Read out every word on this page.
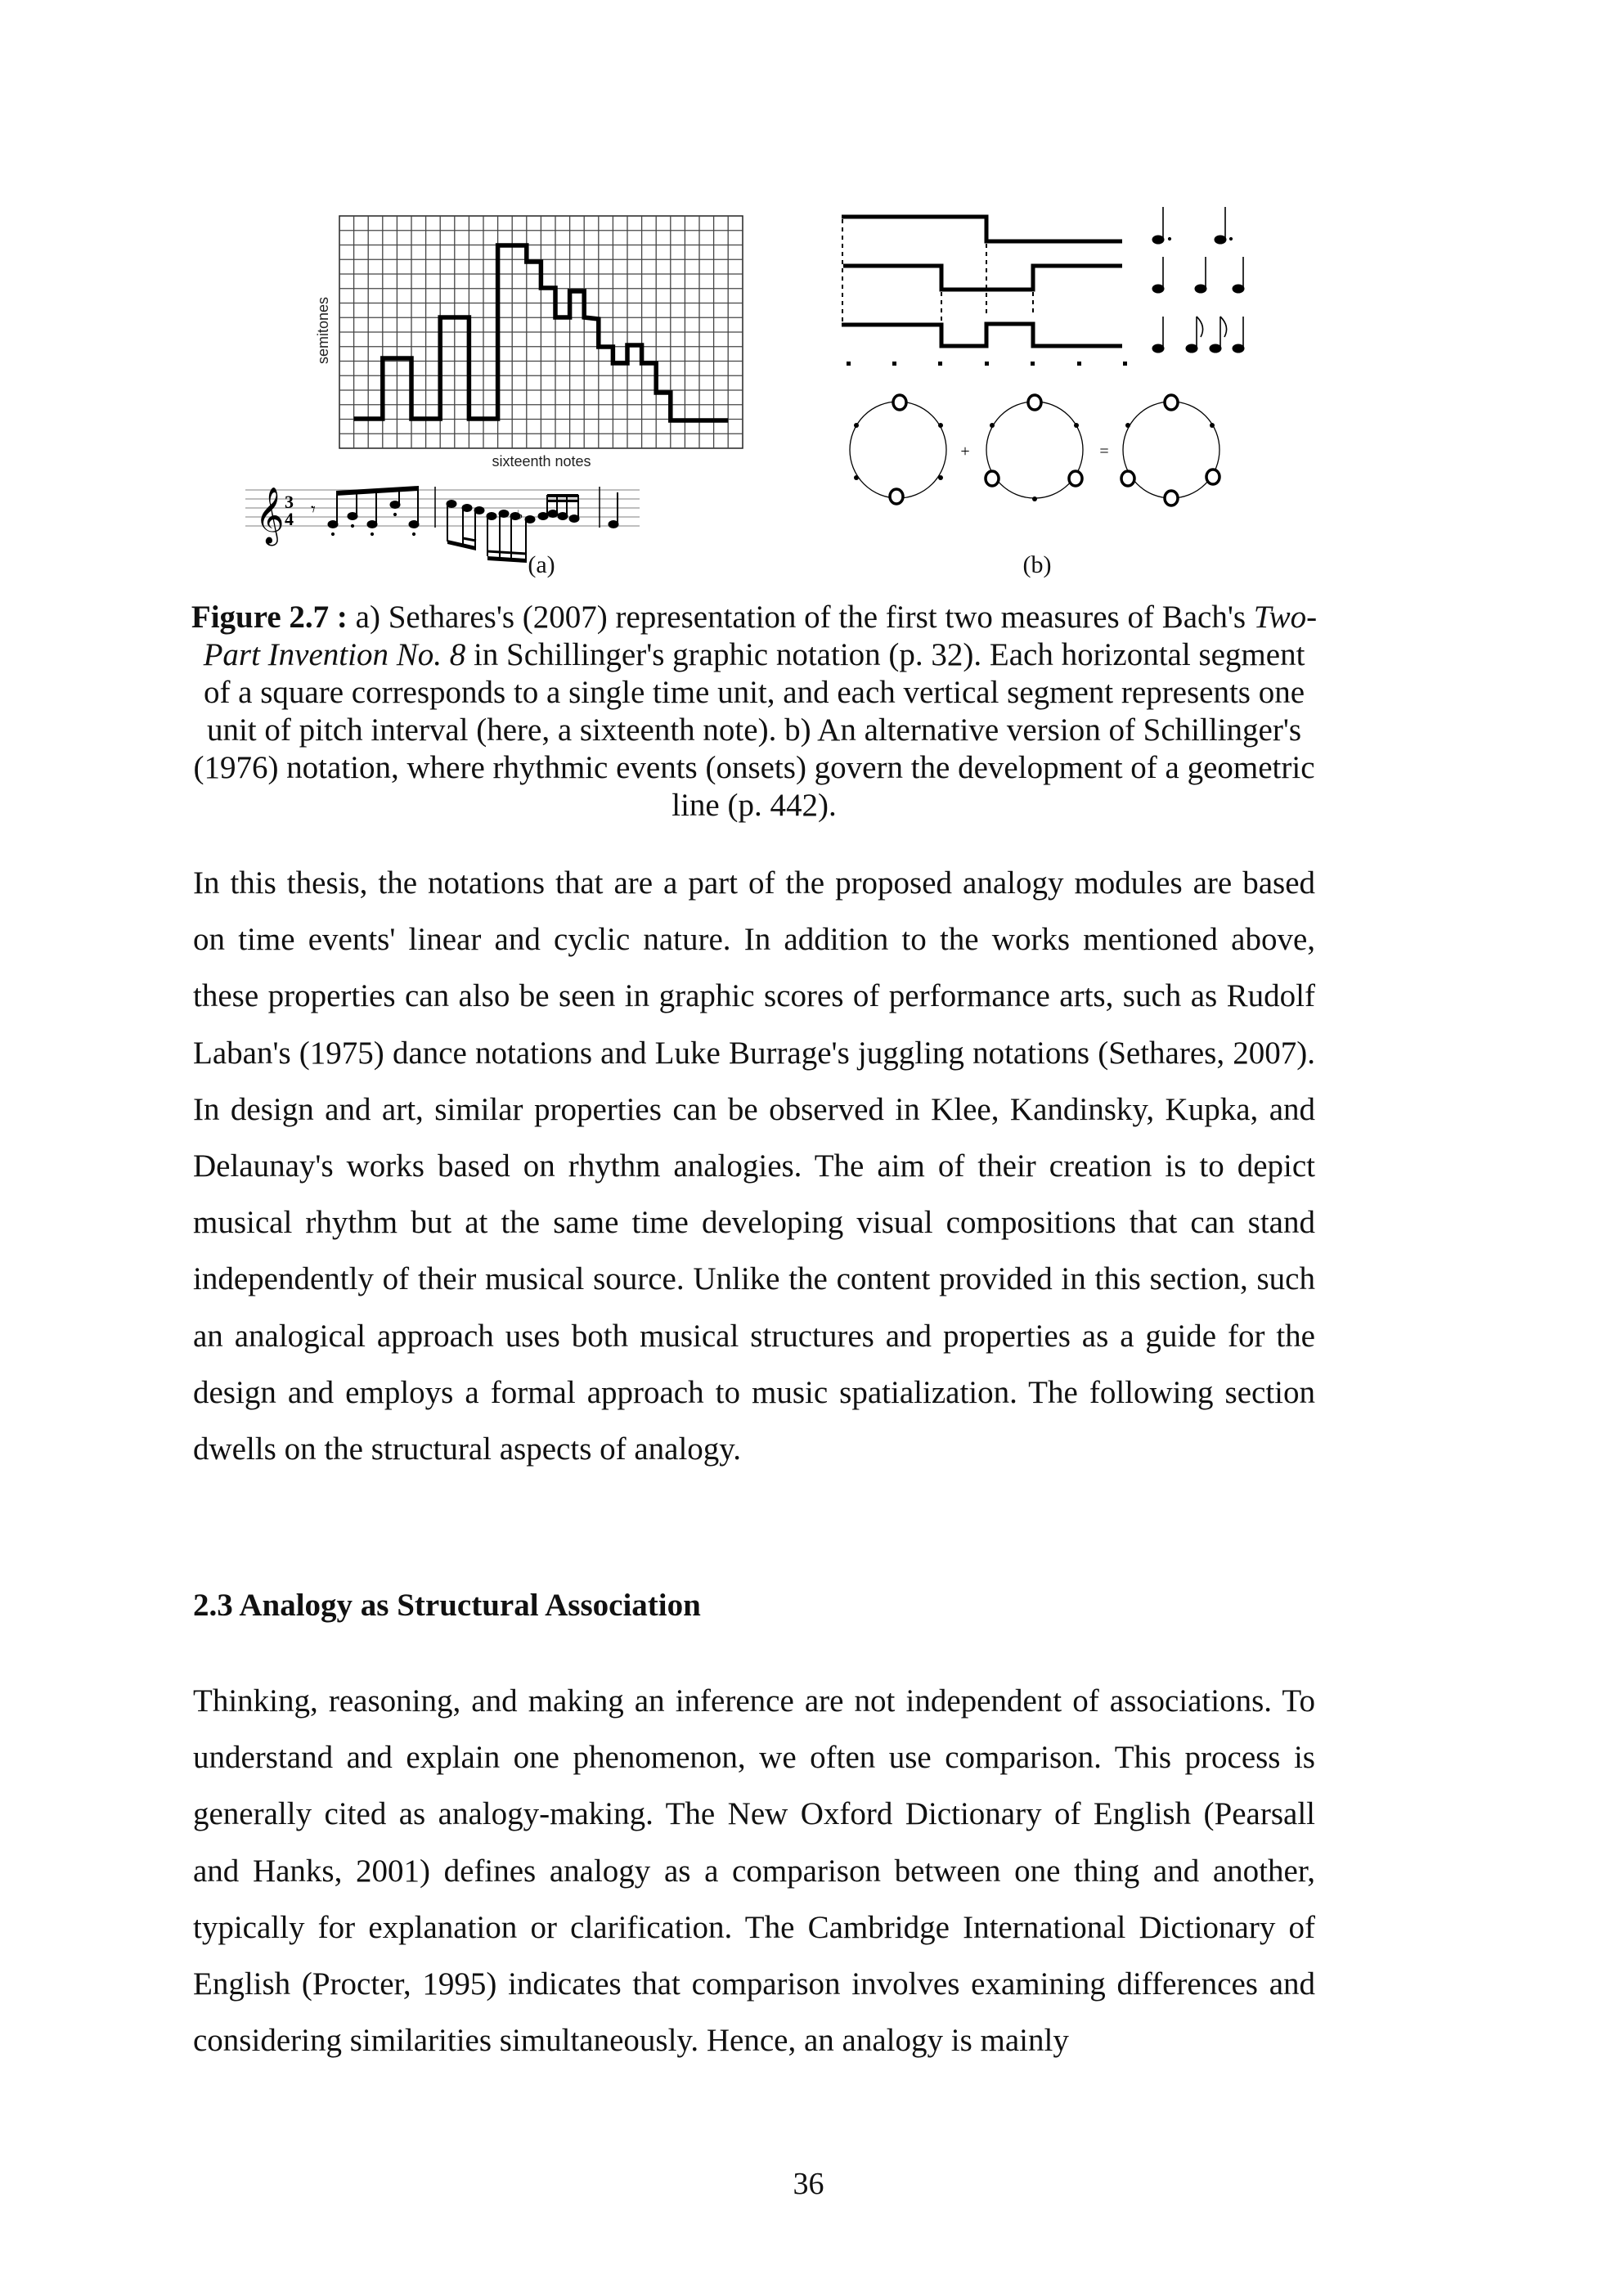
semitones
sixteenth notes
𝄞 3
4 𝄾	♭
(a)
+	=
(b)
Figure 2.7 : a) Sethares's (2007) representation of the first two measures of Bach's Two-Part Invention No. 8 in Schillinger's graphic notation (p. 32). Each horizontal segment of a square corresponds to a single time unit, and each vertical segment represents one unit of pitch interval (here, a sixteenth note). b) An alternative version of Schillinger's (1976) notation, where rhythmic events (onsets) govern the development of a geometric line (p. 442).

In this thesis, the notations that are a part of the proposed analogy modules are based on time events' linear and cyclic nature. In addition to the works mentioned above, these properties can also be seen in graphic scores of performance arts, such as Rudolf Laban's (1975) dance notations and Luke Burrage's juggling notations (Sethares, 2007). In design and art, similar properties can be observed in Klee, Kandinsky, Kupka, and Delaunay's works based on rhythm analogies. The aim of their creation is to depict musical rhythm but at the same time developing visual compositions that can stand independently of their musical source. Unlike the content provided in this section, such an analogical approach uses both musical structures and properties as a guide for the design and employs a formal approach to music spatialization. The following section dwells on the structural aspects of analogy.

2.3 Analogy as Structural Association

Thinking, reasoning, and making an inference are not independent of associations. To understand and explain one phenomenon, we often use comparison. This process is generally cited as analogy-making. The New Oxford Dictionary of English (Pearsall and Hanks, 2001) defines analogy as a comparison between one thing and another, typically for explanation or clarification. The Cambridge International Dictionary of English (Procter, 1995) indicates that comparison involves examining differences and considering similarities simultaneously. Hence, an analogy is mainly

36
